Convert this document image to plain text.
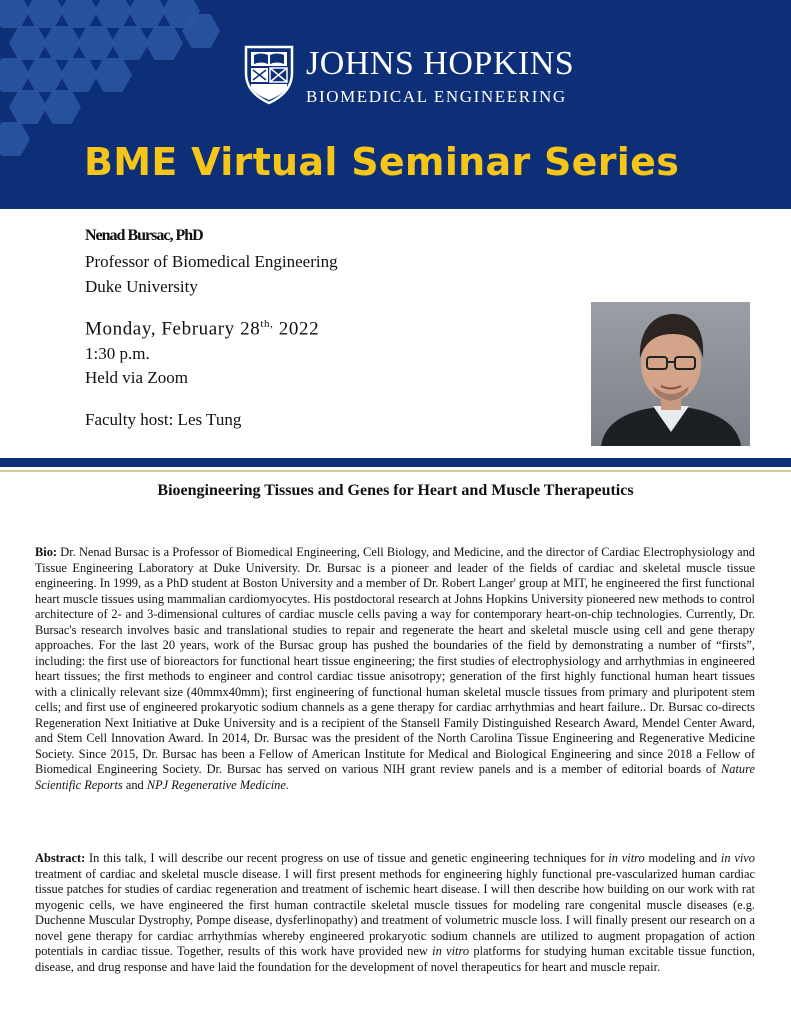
JOHNS HOPKINS
BIOMEDICAL ENGINEERING
BME Virtual Seminar Series
Nenad Bursac, PhD
Professor of Biomedical Engineering
Duke University
Monday, February $28^{th,}$ 2022
1:30 p.m.
Held via Zoom
Faculty host: Les Tung
Bioengineering Tissues and Genes for Heart and Muscle Therapeutics
Bio: Dr. Nenad Bursac is a Professor of Biomedical Engineering, Cell Biology, and Medicine, and the director of Cardiac Electrophysiology and Tissue Engineering Laboratory at Duke University. Dr. Bursac is a pioneer and leader of the fields of cardiac and skeletal muscle tissue engineering. In 1999, as a PhD student at Boston University and a member of Dr. Robert Langer' group at MIT, he engineered the first functional heart muscle tissues using mammalian cardiomyocytes. His postdoctoral research at Johns Hopkins University pioneered new methods to control architecture of 2- and 3-dimensional cultures of cardiac muscle cells paving a way for contemporary heart-on-chip technologies. Currently, Dr. Bursac's research involves basic and translational studies to repair and regenerate the heart and skeletal muscle using cell and gene therapy approaches. For the last 20 years, work of the Bursac group has pushed the boundaries of the field by demonstrating a number of “firsts”, including: the first use of bioreactors for functional heart tissue engineering; the first studies of electrophysiology and arrhythmias in engineered heart tissues; the first methods to engineer and control cardiac tissue anisotropy; generation of the first highly functional human heart tissues with a clinically relevant size (40mmx40mm); first engineering of functional human skeletal muscle tissues from primary and pluripotent stem cells; and first use of engineered prokaryotic sodium channels as a gene therapy for cardiac arrhythmias and heart failure.. Dr. Bursac co-directs Regeneration Next Initiative at Duke University and is a recipient of the Stansell Family Distinguished Research Award, Mendel Center Award, and Stem Cell Innovation Award. In 2014, Dr. Bursac was the president of the North Carolina Tissue Engineering and Regenerative Medicine Society. Since 2015, Dr. Bursac has been a Fellow of American Institute for Medical and Biological Engineering and since 2018 a Fellow of Biomedical Engineering Society. Dr. Bursac has served on various NIH grant review panels and is a member of editorial boards of Nature Scientific Reports and NPJ Regenerative Medicine.
Abstract: In this talk, I will describe our recent progress on use of tissue and genetic engineering techniques for in vitro modeling and in vivo treatment of cardiac and skeletal muscle disease. I will first present methods for engineering highly functional pre-vascularized human cardiac tissue patches for studies of cardiac regeneration and treatment of ischemic heart disease. I will then describe how building on our work with rat myogenic cells, we have engineered the first human contractile skeletal muscle tissues for modeling rare congenital muscle diseases (e.g. Duchenne Muscular Dystrophy, Pompe disease, dysferlinopathy) and treatment of volumetric muscle loss. I will finally present our research on a novel gene therapy for cardiac arrhythmias whereby engineered prokaryotic sodium channels are utilized to augment propagation of action potentials in cardiac tissue. Together, results of this work have provided new in vitro platforms for studying human excitable tissue function, disease, and drug response and have laid the foundation for the development of novel therapeutics for heart and muscle repair.
